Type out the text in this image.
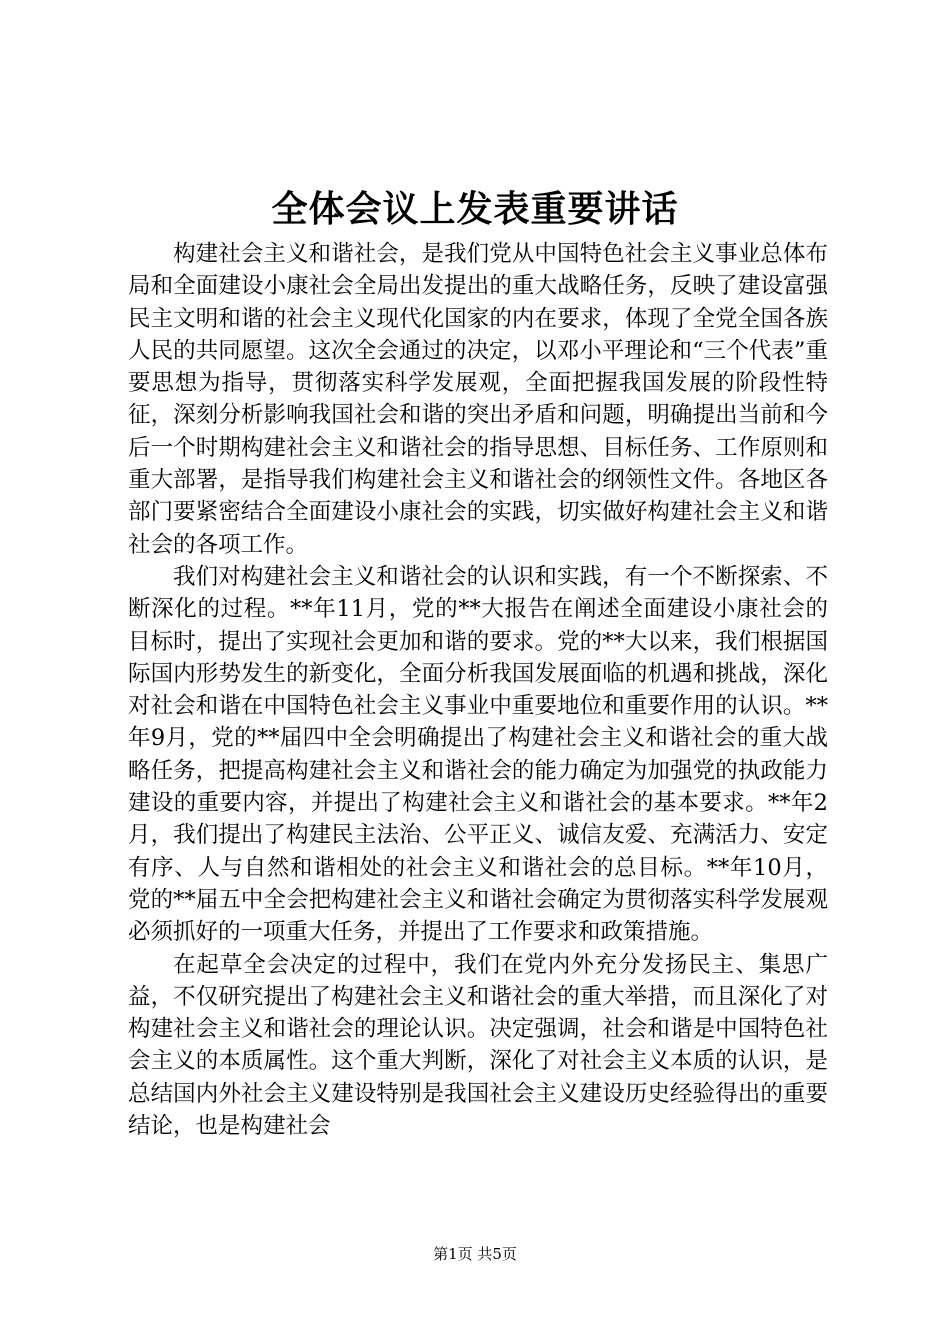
全体会议上发表重要讲话

构建社会主义和谐社会，是我们党从中国特色社会主义事业总体布局和全面建设小康社会全局出发提出的重大战略任务，反映了建设富强民主文明和谐的社会主义现代化国家的内在要求，体现了全党全国各族人民的共同愿望。这次全会通过的决定，以邓小平理论和“三个代表”重要思想为指导，贯彻落实科学发展观，全面把握我国发展的阶段性特征，深刻分析影响我国社会和谐的突出矛盾和问题，明确提出当前和今后一个时期构建社会主义和谐社会的指导思想、目标任务、工作原则和重大部署，是指导我们构建社会主义和谐社会的纲领性文件。各地区各部门要紧密结合全面建设小康社会的实践，切实做好构建社会主义和谐社会的各项工作。

我们对构建社会主义和谐社会的认识和实践，有一个不断探索、不断深化的过程。**年11月，党的**大报告在阐述全面建设小康社会的目标时，提出了实现社会更加和谐的要求。党的**大以来，我们根据国际国内形势发生的新变化，全面分析我国发展面临的机遇和挑战，深化对社会和谐在中国特色社会主义事业中重要地位和重要作用的认识。**年9月，党的**届四中全会明确提出了构建社会主义和谐社会的重大战略任务，把提高构建社会主义和谐社会的能力确定为加强党的执政能力建设的重要内容，并提出了构建社会主义和谐社会的基本要求。**年2月，我们提出了构建民主法治、公平正义、诚信友爱、充满活力、安定有序、人与自然和谐相处的社会主义和谐社会的总目标。**年10月，党的**届五中全会把构建社会主义和谐社会确定为贯彻落实科学发展观必须抓好的一项重大任务，并提出了工作要求和政策措施。

在起草全会决定的过程中，我们在党内外充分发扬民主、集思广益，不仅研究提出了构建社会主义和谐社会的重大举措，而且深化了对构建社会主义和谐社会的理论认识。决定强调，社会和谐是中国特色社会主义的本质属性。这个重大判断，深化了对社会主义本质的认识，是总结国内外社会主义建设特别是我国社会主义建设历史经验得出的重要结论，也是构建社会

第1页 共5页
